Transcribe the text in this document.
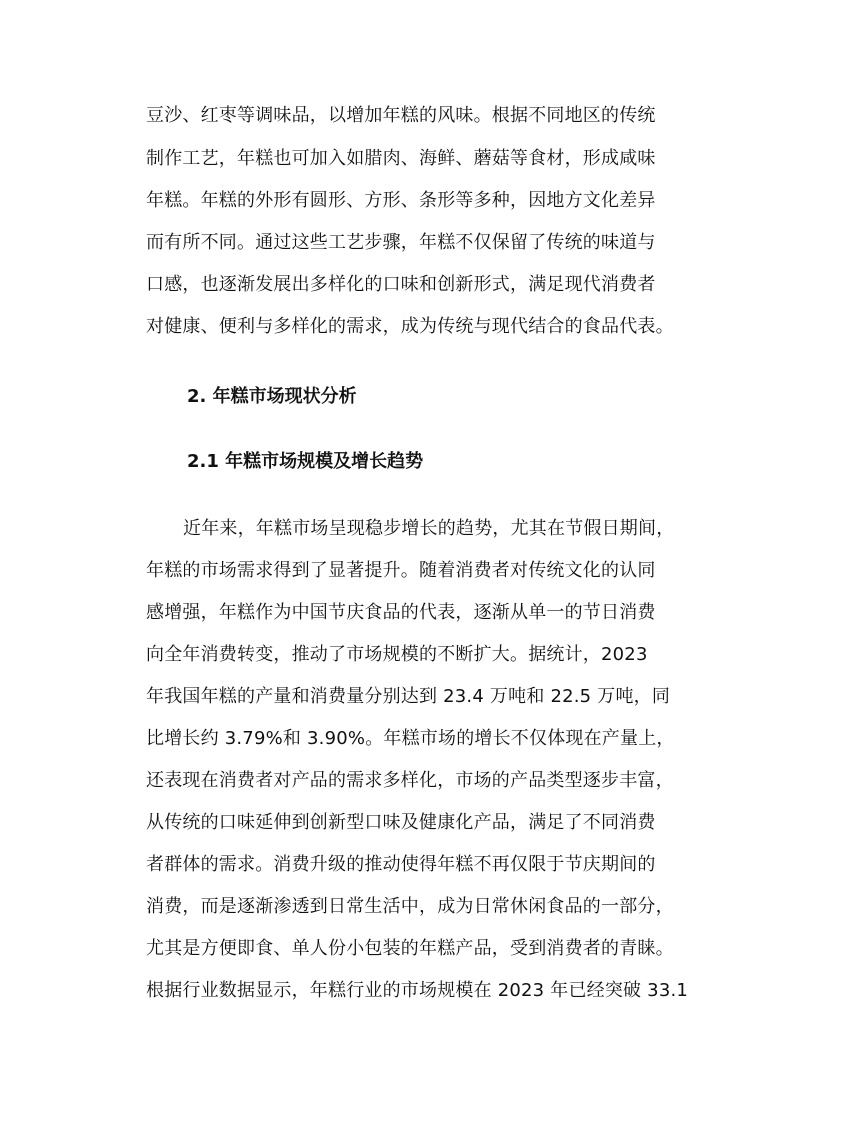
豆沙、红枣等调味品，以增加年糕的风味。根据不同地区的传统
制作工艺，年糕也可加入如腊肉、海鲜、蘑菇等食材，形成咸味
年糕。年糕的外形有圆形、方形、条形等多种，因地方文化差异
而有所不同。通过这些工艺步骤，年糕不仅保留了传统的味道与
口感，也逐渐发展出多样化的口味和创新形式，满足现代消费者
对健康、便利与多样化的需求，成为传统与现代结合的食品代表。
2. 年糕市场现状分析
2.1 年糕市场规模及增长趋势
近年来，年糕市场呈现稳步增长的趋势，尤其在节假日期间，
年糕的市场需求得到了显著提升。随着消费者对传统文化的认同
感增强，年糕作为中国节庆食品的代表，逐渐从单一的节日消费
向全年消费转变，推动了市场规模的不断扩大。据统计，2023
年我国年糕的产量和消费量分别达到 23.4 万吨和 22.5 万吨，同
比增长约 3.79%和 3.90%。年糕市场的增长不仅体现在产量上，
还表现在消费者对产品的需求多样化，市场的产品类型逐步丰富，
从传统的口味延伸到创新型口味及健康化产品，满足了不同消费
者群体的需求。消费升级的推动使得年糕不再仅限于节庆期间的
消费，而是逐渐渗透到日常生活中，成为日常休闲食品的一部分，
尤其是方便即食、单人份小包装的年糕产品，受到消费者的青睐。
根据行业数据显示，年糕行业的市场规模在 2023 年已经突破 33.1
